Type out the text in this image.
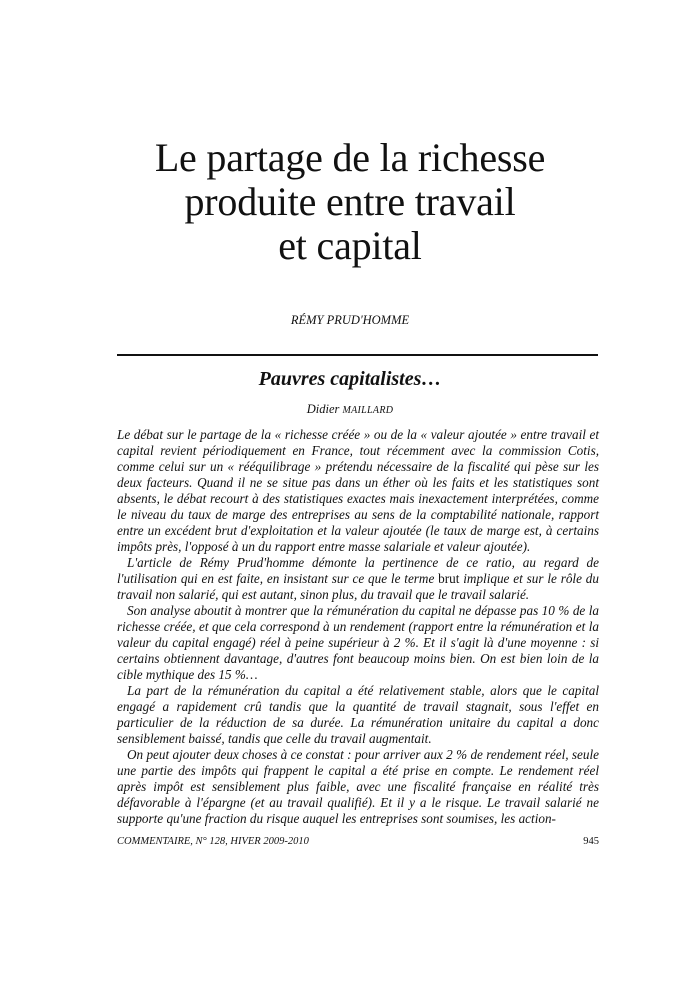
Le partage de la richesse
produite entre travail
et capital

RÉMY PRUD'HOMME

Pauvres capitalistes…

Didier MAILLARD

Le débat sur le partage de la « richesse créée » ou de la « valeur ajoutée » entre travail et capital revient périodiquement en France, tout récemment avec la commission Cotis, comme celui sur un « rééquilibrage » prétendu nécessaire de la fiscalité qui pèse sur les deux facteurs. Quand il ne se situe pas dans un éther où les faits et les statistiques sont absents, le débat recourt à des statistiques exactes mais inexactement interprétées, comme le niveau du taux de marge des entreprises au sens de la comptabilité nationale, rapport entre un excédent brut d'exploitation et la valeur ajoutée (le taux de marge est, à certains impôts près, l'opposé à un du rapport entre masse salariale et valeur ajoutée).

L'article de Rémy Prud'homme démonte la pertinence de ce ratio, au regard de l'utilisation qui en est faite, en insistant sur ce que le terme brut implique et sur le rôle du travail non salarié, qui est autant, sinon plus, du travail que le travail salarié.

Son analyse aboutit à montrer que la rémunération du capital ne dépasse pas 10 % de la richesse créée, et que cela correspond à un rendement (rapport entre la rémunération et la valeur du capital engagé) réel à peine supérieur à 2 %. Et il s'agit là d'une moyenne : si certains obtiennent davantage, d'autres font beaucoup moins bien. On est bien loin de la cible mythique des 15 %…

La part de la rémunération du capital a été relativement stable, alors que le capital engagé a rapidement crû tandis que la quantité de travail stagnait, sous l'effet en particulier de la réduction de sa durée. La rémunération unitaire du capital a donc sensiblement baissé, tandis que celle du travail augmentait.

On peut ajouter deux choses à ce constat : pour arriver aux 2 % de rendement réel, seule une partie des impôts qui frappent le capital a été prise en compte. Le rendement réel après impôt est sensiblement plus faible, avec une fiscalité française en réalité très défavorable à l'épargne (et au travail qualifié). Et il y a le risque. Le travail salarié ne supporte qu'une fraction du risque auquel les entreprises sont soumises, les action-

COMMENTAIRE, N° 128, HIVER 2009-2010	945
